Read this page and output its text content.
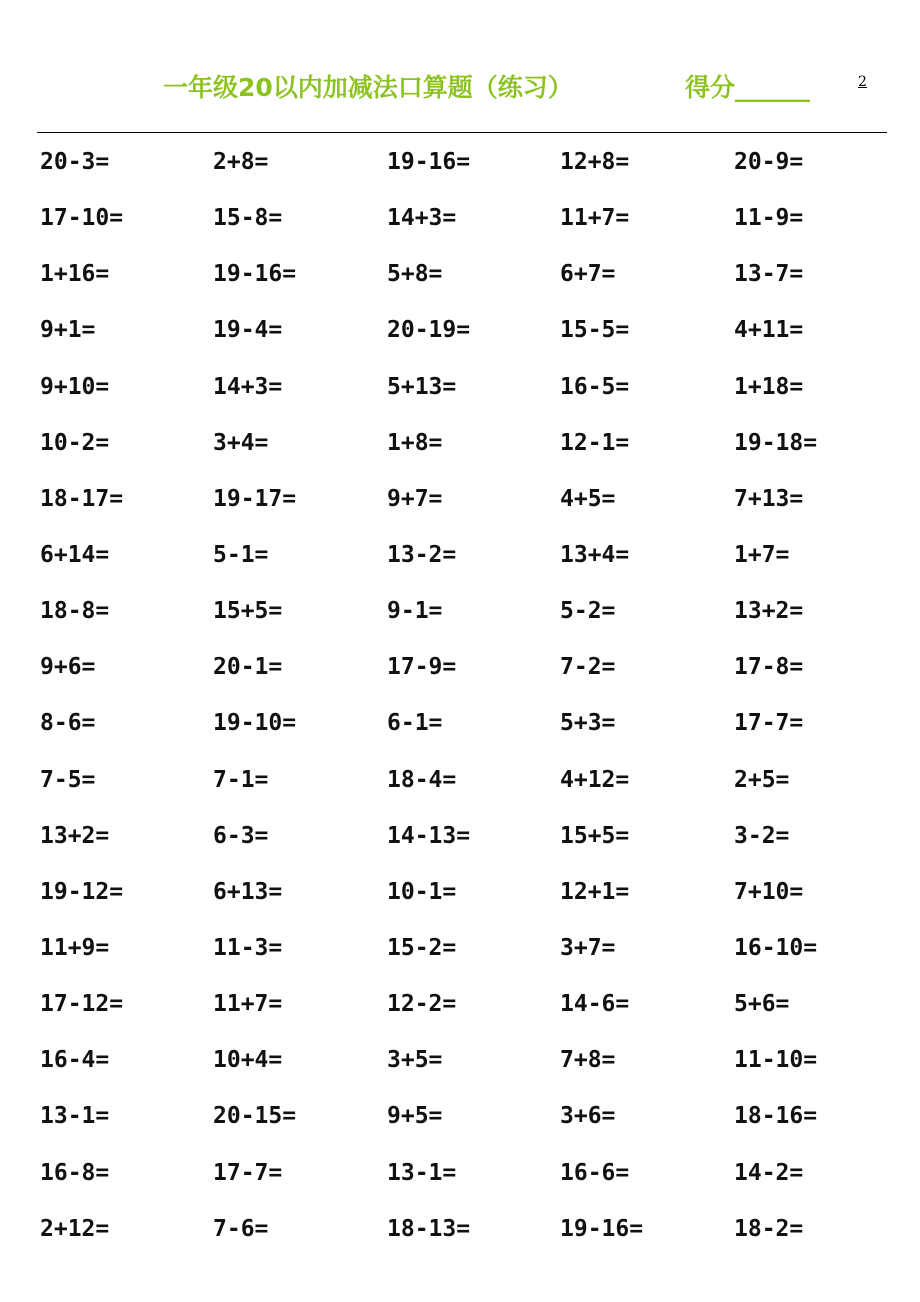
一年级20以内加减法口算题（练习）	得分______	2
20-3=	2+8=	19-16=	12+8=	20-9=
17-10=	15-8=	14+3=	11+7=	11-9=
1+16=	19-16=	5+8=	6+7=	13-7=
9+1=	19-4=	20-19=	15-5=	4+11=
9+10=	14+3=	5+13=	16-5=	1+18=
10-2=	3+4=	1+8=	12-1=	19-18=
18-17=	19-17=	9+7=	4+5=	7+13=
6+14=	5-1=	13-2=	13+4=	1+7=
18-8=	15+5=	9-1=	5-2=	13+2=
9+6=	20-1=	17-9=	7-2=	17-8=
8-6=	19-10=	6-1=	5+3=	17-7=
7-5=	7-1=	18-4=	4+12=	2+5=
13+2=	6-3=	14-13=	15+5=	3-2=
19-12=	6+13=	10-1=	12+1=	7+10=
11+9=	11-3=	15-2=	3+7=	16-10=
17-12=	11+7=	12-2=	14-6=	5+6=
16-4=	10+4=	3+5=	7+8=	11-10=
13-1=	20-15=	9+5=	3+6=	18-16=
16-8=	17-7=	13-1=	16-6=	14-2=
2+12=	7-6=	18-13=	19-16=	18-2=
